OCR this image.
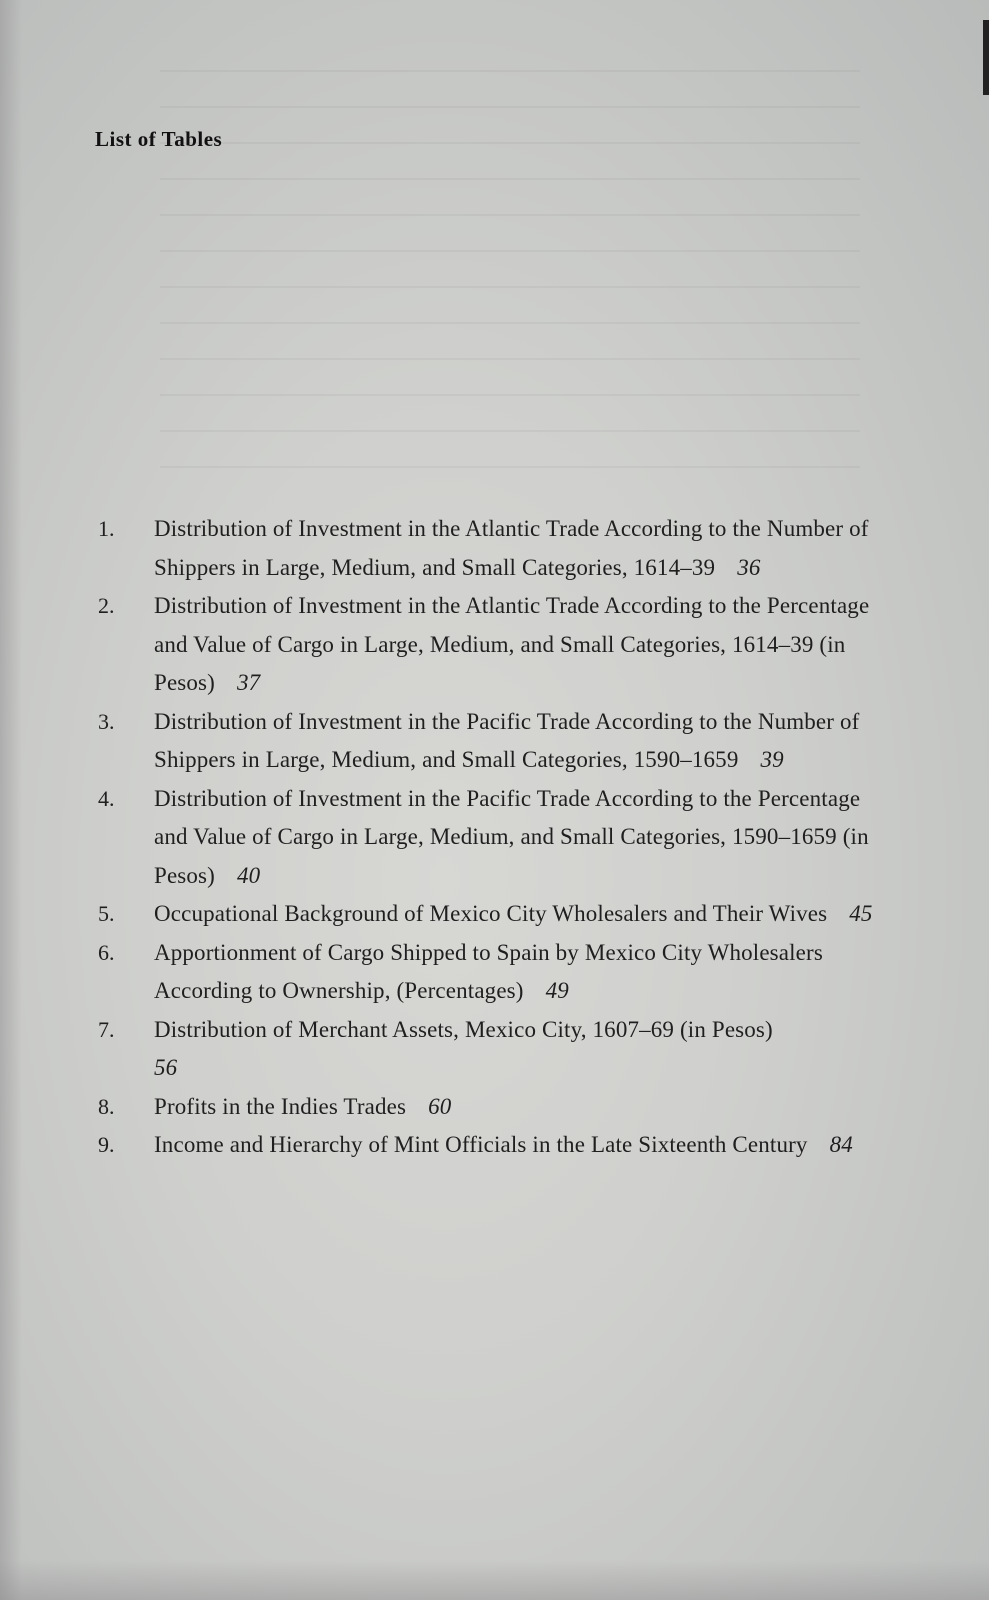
List of Tables
1.	Distribution of Investment in the Atlantic Trade According to the Number of Shippers in Large, Medium, and Small Categories, 1614–39 36
2.	Distribution of Investment in the Atlantic Trade According to the Percentage and Value of Cargo in Large, Medium, and Small Categories, 1614–39 (in Pesos) 37
3.	Distribution of Investment in the Pacific Trade According to the Number of Shippers in Large, Medium, and Small Categories, 1590–1659 39
4.	Distribution of Investment in the Pacific Trade According to the Percentage and Value of Cargo in Large, Medium, and Small Categories, 1590–1659 (in Pesos) 40
5.	Occupational Background of Mexico City Wholesalers and Their Wives 45
6.	Apportionment of Cargo Shipped to Spain by Mexico City Wholesalers According to Ownership, (Percentages) 49
7.	Distribution of Merchant Assets, Mexico City, 1607–69 (in Pesos)
56
8.	Profits in the Indies Trades 60
9.	Income and Hierarchy of Mint Officials in the Late Sixteenth Century 84
